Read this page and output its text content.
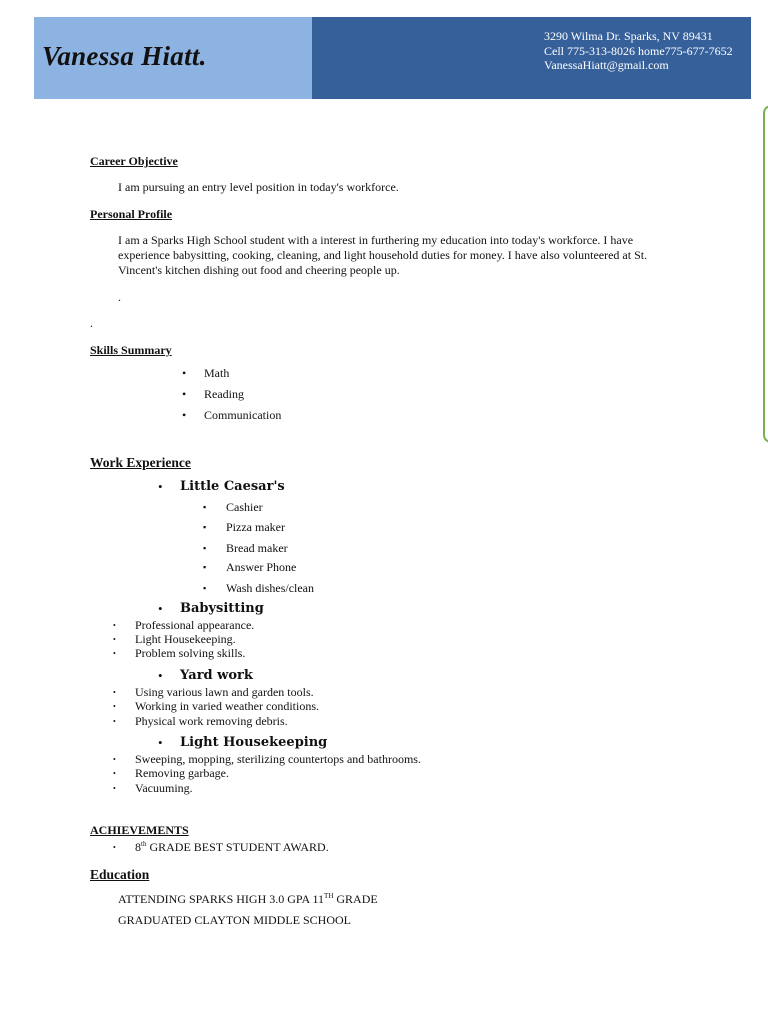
Vanessa Hiatt.
3290 Wilma Dr. Sparks, NV 89431
Cell 775-313-8026 home775-677-7652
VanessaHiatt@gmail.com

Career Objective

I am pursuing an entry level position in today's workforce.

Personal Profile

I am a Sparks High School student with a interest in furthering my education into today's workforce. I have

experience babysitting, cooking, cleaning, and light household duties for money. I have also volunteered at St.

Vincent's kitchen dishing out food and cheering people up.

.

.

Skills Summary

• Math
• Reading
• Communication

Work Experience

• Little Caesar's
▪ Cashier
▪ Pizza maker
▪ Bread maker
▪ Answer Phone
▪ Wash dishes/clean
• Babysitting
• Professional appearance.
• Light Housekeeping.
• Problem solving skills.
• Yard work
• Using various lawn and garden tools.
• Working in varied weather conditions.
• Physical work removing debris.
• Light Housekeeping
• Sweeping, mopping, sterilizing countertops and bathrooms.
• Removing garbage.
• Vacuuming.

ACHIEVEMENTS

• 8th GRADE BEST STUDENT AWARD.

Education

ATTENDING SPARKS HIGH 3.0 GPA 11TH GRADE

GRADUATED CLAYTON MIDDLE SCHOOL
